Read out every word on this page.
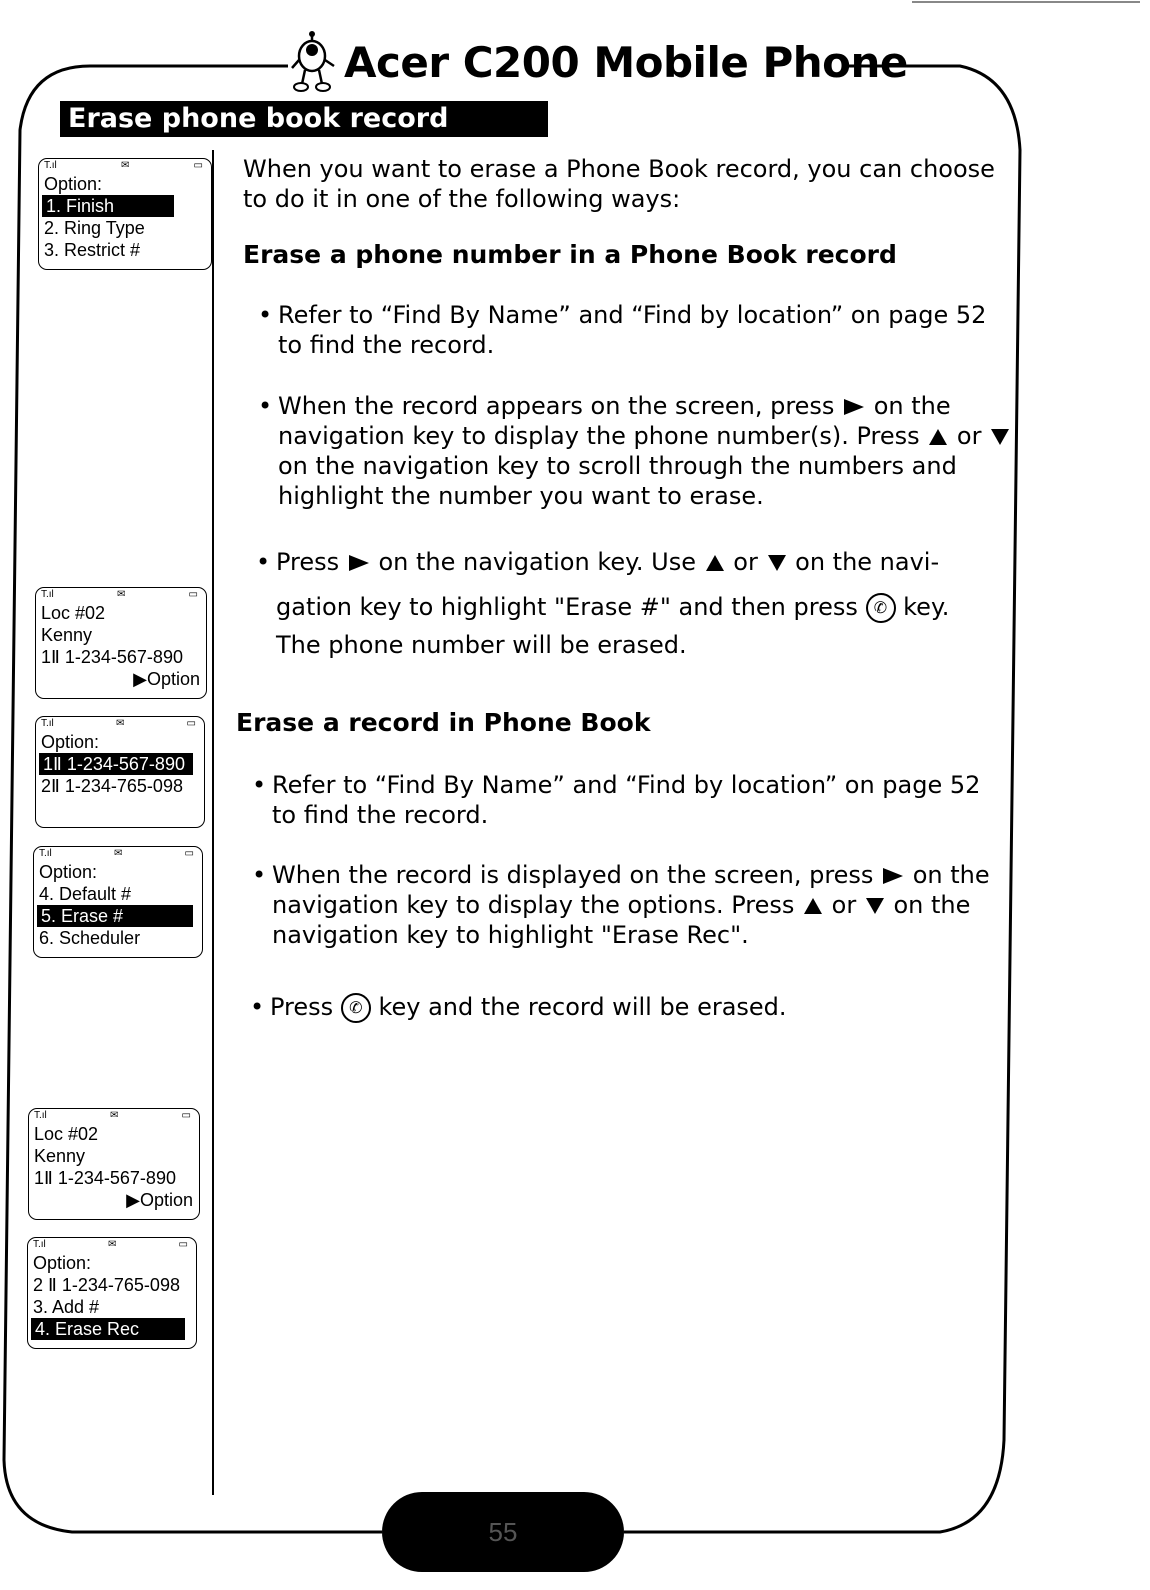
Acer C200 Mobile Phone
Erase phone book record
T.ıl	✉	▭
Option:
1. Finish
2. Ring Type
3. Restrict #
T.ıl	✉	▭
Loc #02
Kenny
1Ⅱ 1-234-567-890
▶Option
T.ıl	✉	▭
Option:
1Ⅱ 1-234-567-890
2Ⅱ 1-234-765-098
T.ıl	✉	▭
Option:
4. Default #
5. Erase #
6. Scheduler
T.ıl	✉	▭
Loc #02
Kenny
1Ⅱ 1-234-567-890
▶Option
T.ıl	✉	▭
Option:
2 Ⅱ 1-234-765-098
3. Add #
4. Erase Rec
When you want to erase a Phone Book record, you can choose to do it in one of the following ways:
Erase a phone number in a Phone Book record
• Refer to “Find By Name” and “Find by location” on page 52 to find the record.
• When the record appears on the screen, press on the navigation key to display the phone number(s). Press or  on the navigation key to scroll through the numbers and highlight the number you want to erase.
• Press on the navigation key. Use or on the navi- gation key to highlight "Erase #" and then press ✆ key.
The phone number will be erased.
Erase a record in Phone Book
• Refer to “Find By Name” and “Find by location” on page 52 to find the record.
• When the record is displayed on the screen, press on the navigation key to display the options. Press or on the navigation key to highlight "Erase Rec".
• Press ✆ key and the record will be erased.
55
